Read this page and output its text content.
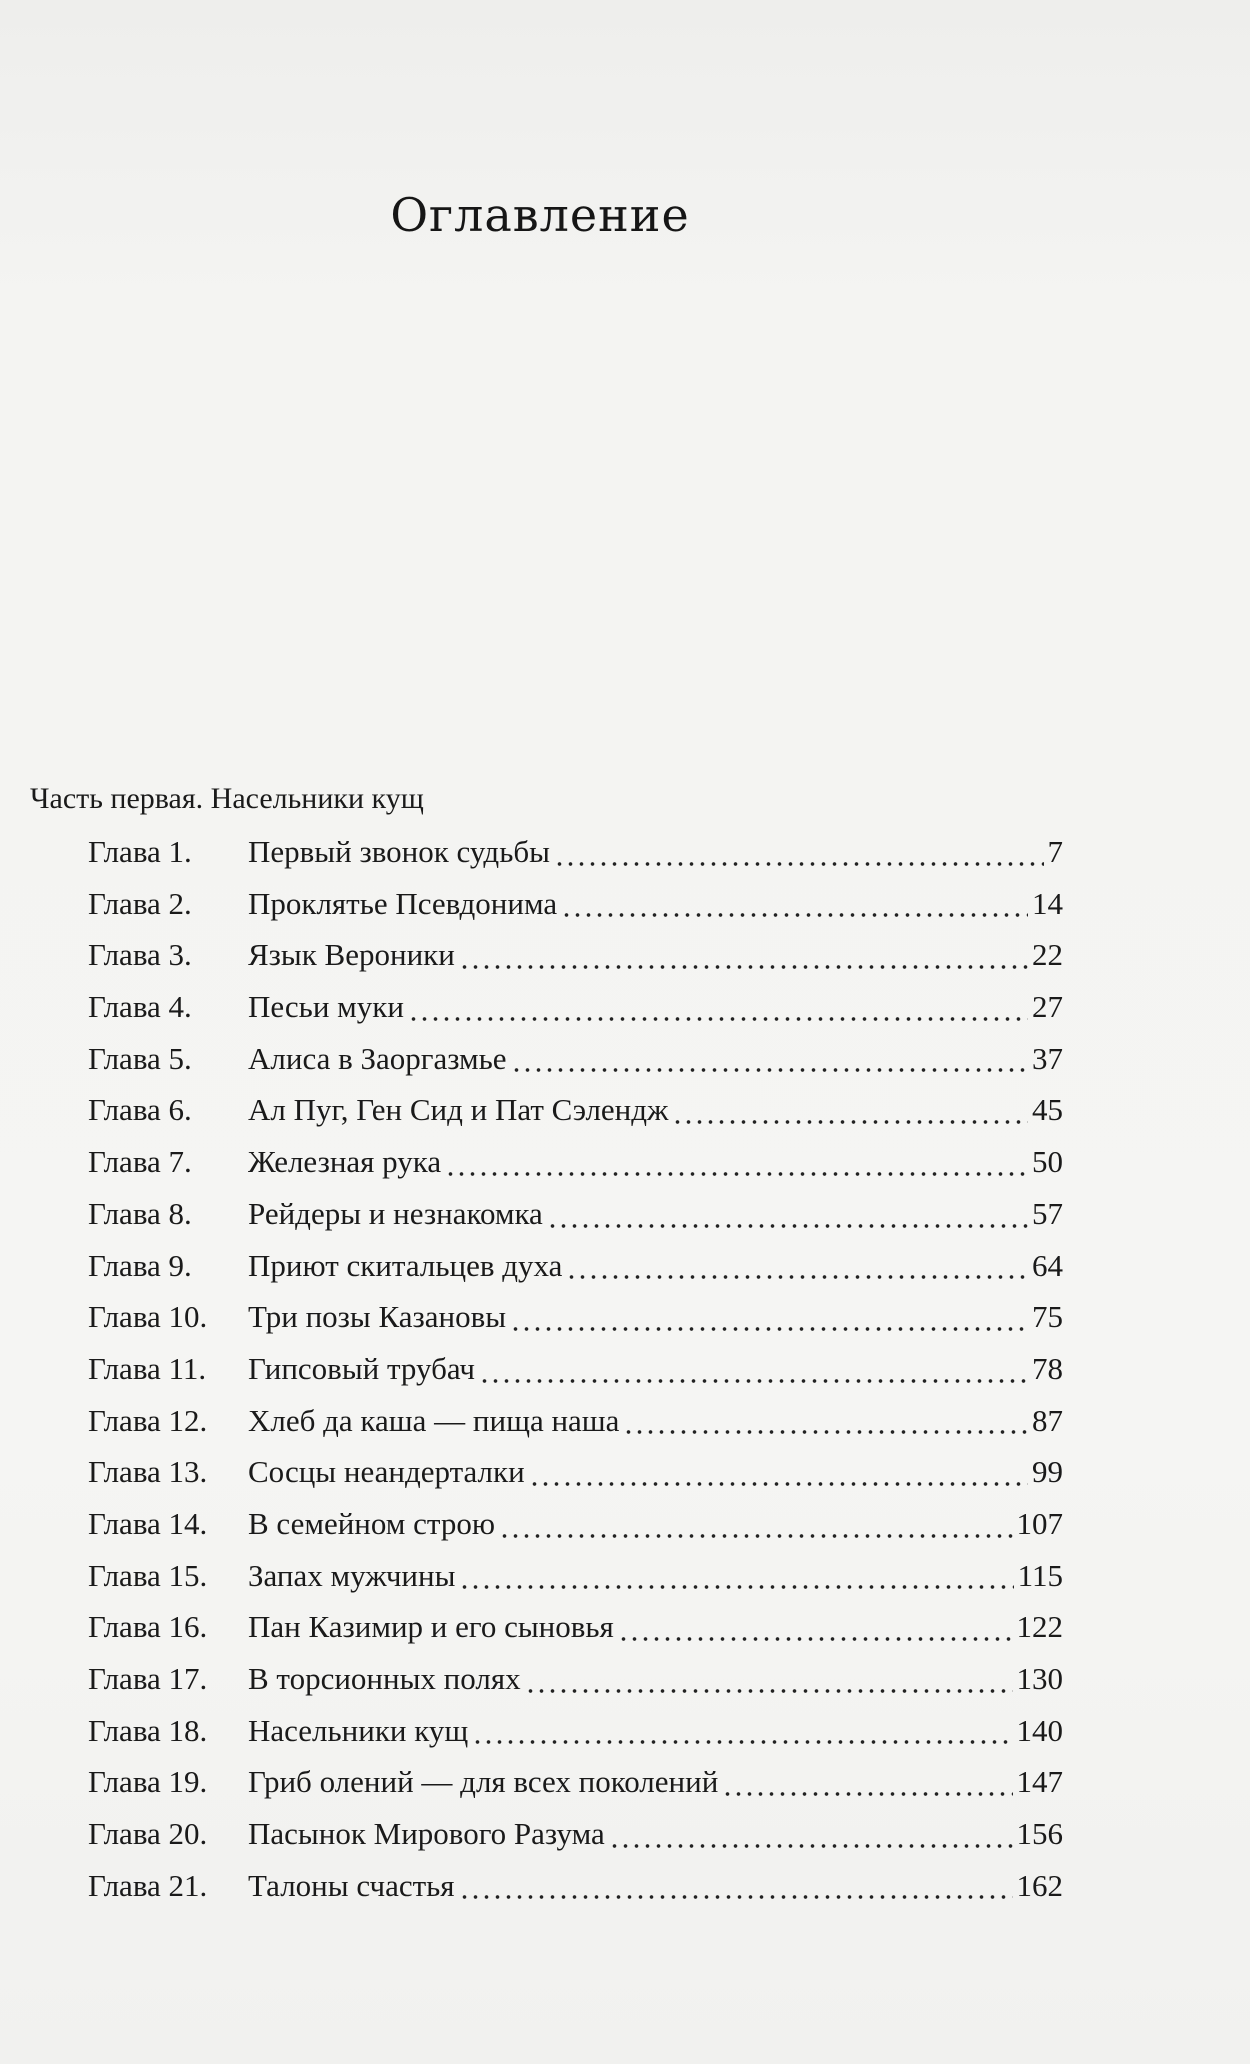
Оглавление
Часть первая. Насельники кущ
Глава 1.	Первый звонок судьбы	7
Глава 2.	Проклятье Псевдонима	14
Глава 3.	Язык Вероники	22
Глава 4.	Песьи муки	27
Глава 5.	Алиса в Заоргазмье	37
Глава 6.	Ал Пуг, Ген Сид и Пат Сэлендж	45
Глава 7.	Железная рука	50
Глава 8.	Рейдеры и незнакомка	57
Глава 9.	Приют скитальцев духа	64
Глава 10.	Три позы Казановы	75
Глава 11.	Гипсовый трубач	78
Глава 12.	Хлеб да каша — пища наша	87
Глава 13.	Сосцы неандерталки	99
Глава 14.	В семейном строю	107
Глава 15.	Запах мужчины	115
Глава 16.	Пан Казимир и его сыновья	122
Глава 17.	В торсионных полях	130
Глава 18.	Насельники кущ	140
Глава 19.	Гриб олений — для всех поколений	147
Глава 20.	Пасынок Мирового Разума	156
Глава 21.	Талоны счастья	162
